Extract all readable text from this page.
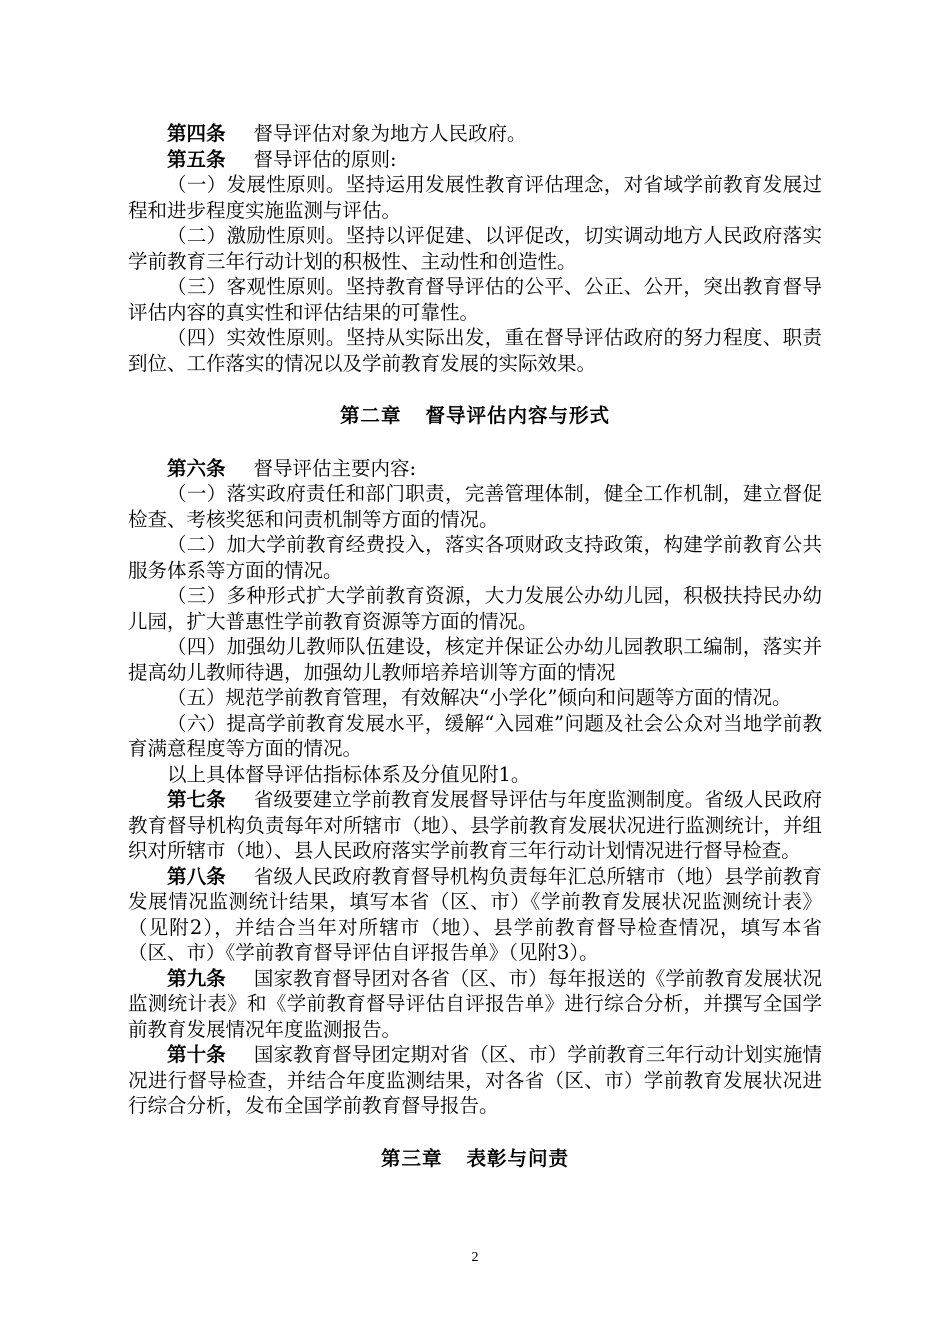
第四条 督导评估对象为地方人民政府。

第五条 督导评估的原则:

（一）发展性原则。坚持运用发展性教育评估理念，对省域学前教育发展过程和进步程度实施监测与评估。

（二）激励性原则。坚持以评促建、以评促改，切实调动地方人民政府落实学前教育三年行动计划的积极性、主动性和创造性。

（三）客观性原则。坚持教育督导评估的公平、公正、公开，突出教育督导评估内容的真实性和评估结果的可靠性。

（四）实效性原则。坚持从实际出发，重在督导评估政府的努力程度、职责到位、工作落实的情况以及学前教育发展的实际效果。

第二章 督导评估内容与形式

第六条 督导评估主要内容:

（一）落实政府责任和部门职责，完善管理体制，健全工作机制，建立督促检查、考核奖惩和问责机制等方面的情况。

（二）加大学前教育经费投入，落实各项财政支持政策，构建学前教育公共服务体系等方面的情况。

（三）多种形式扩大学前教育资源，大力发展公办幼儿园，积极扶持民办幼儿园，扩大普惠性学前教育资源等方面的情况。

（四）加强幼儿教师队伍建设，核定并保证公办幼儿园教职工编制，落实并提高幼儿教师待遇，加强幼儿教师培养培训等方面的情况

（五）规范学前教育管理，有效解决“小学化”倾向和问题等方面的情况。

（六）提高学前教育发展水平，缓解“入园难”问题及社会公众对当地学前教育满意程度等方面的情况。

以上具体督导评估指标体系及分值见附1。

第七条 省级要建立学前教育发展督导评估与年度监测制度。省级人民政府教育督导机构负责每年对所辖市（地）、县学前教育发展状况进行监测统计，并组织对所辖市（地）、县人民政府落实学前教育三年行动计划情况进行督导检查。

第八条 省级人民政府教育督导机构负责每年汇总所辖市（地）县学前教育发展情况监测统计结果，填写本省（区、市）《学前教育发展状况监测统计表》（见附2），并结合当年对所辖市（地）、县学前教育督导检查情况，填写本省（区、市）《学前教育督导评估自评报告单》（见附3）。

第九条 国家教育督导团对各省（区、市）每年报送的《学前教育发展状况监测统计表》和《学前教育督导评估自评报告单》进行综合分析，并撰写全国学前教育发展情况年度监测报告。

第十条 国家教育督导团定期对省（区、市）学前教育三年行动计划实施情况进行督导检查，并结合年度监测结果，对各省（区、市）学前教育发展状况进行综合分析，发布全国学前教育督导报告。

第三章 表彰与问责

2
